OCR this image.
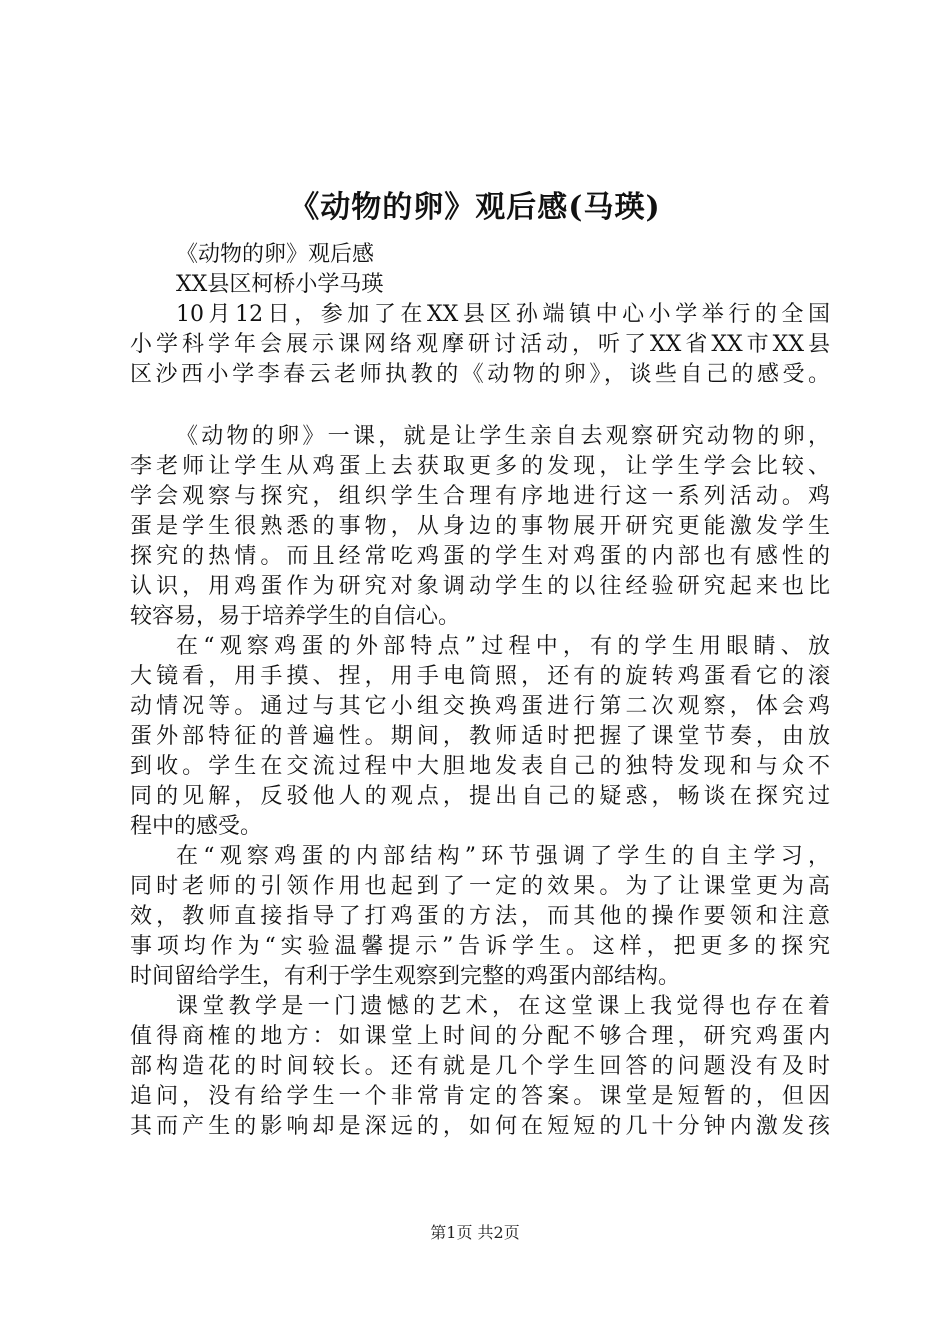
《动物的卵》观后感(马瑛)
《动物的卵》观后感
XX县区柯桥小学马瑛
10月12日，参加了在XX县区孙端镇中心小学举行的全国
小学科学年会展示课网络观摩研讨活动，听了XX省XX市XX县
区沙西小学李春云老师执教的《动物的卵》，谈些自己的感受。
《动物的卵》一课，就是让学生亲自去观察研究动物的卵，
李老师让学生从鸡蛋上去获取更多的发现，让学生学会比较、
学会观察与探究，组织学生合理有序地进行这一系列活动。鸡
蛋是学生很熟悉的事物，从身边的事物展开研究更能激发学生
探究的热情。而且经常吃鸡蛋的学生对鸡蛋的内部也有感性的
认识，用鸡蛋作为研究对象调动学生的以往经验研究起来也比
较容易，易于培养学生的自信心。
在“观察鸡蛋的外部特点”过程中，有的学生用眼睛、放
大镜看，用手摸、捏，用手电筒照，还有的旋转鸡蛋看它的滚
动情况等。通过与其它小组交换鸡蛋进行第二次观察，体会鸡
蛋外部特征的普遍性。期间，教师适时把握了课堂节奏，由放
到收。学生在交流过程中大胆地发表自己的独特发现和与众不
同的见解，反驳他人的观点，提出自己的疑惑，畅谈在探究过
程中的感受。
在“观察鸡蛋的内部结构”环节强调了学生的自主学习，
同时老师的引领作用也起到了一定的效果。为了让课堂更为高
效，教师直接指导了打鸡蛋的方法，而其他的操作要领和注意
事项均作为“实验温馨提示”告诉学生。这样，把更多的探究
时间留给学生，有利于学生观察到完整的鸡蛋内部结构。
课堂教学是一门遗憾的艺术，在这堂课上我觉得也存在着
值得商榷的地方：如课堂上时间的分配不够合理，研究鸡蛋内
部构造花的时间较长。还有就是几个学生回答的问题没有及时
追问，没有给学生一个非常肯定的答案。课堂是短暂的，但因
其而产生的影响却是深远的，如何在短短的几十分钟内激发孩
第1页 共2页
